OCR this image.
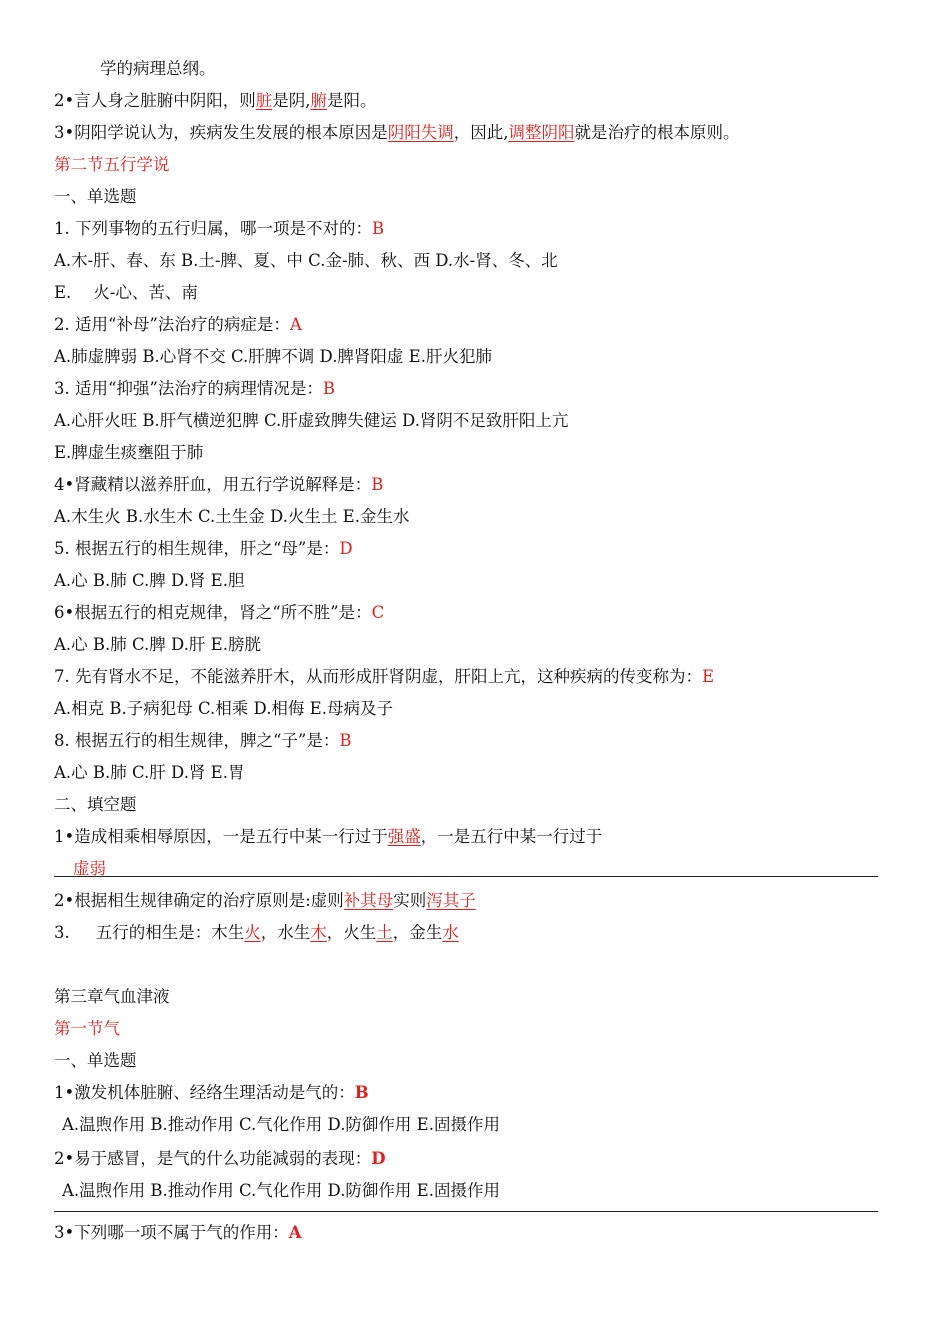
学的病理总纲。
2•言人身之脏腑中阴阳，则脏是阴,腑是阳。
3•阴阳学说认为，疾病发生发展的根本原因是阴阳失调，因此,调整阴阳就是治疗的根本原则。
第二节五行学说
一、单选题
1. 下列事物的五行归属，哪一项是不对的：B
A.木-肝、春、东 B.土-脾、夏、中 C.金-肺、秋、西 D.水-肾、冬、北
E. 火-心、苦、南
2. 适用“补母”法治疗的病症是：A
A.肺虚脾弱 B.心肾不交 C.肝脾不调 D.脾肾阳虚 E.肝火犯肺
3. 适用“抑强”法治疗的病理情况是：B
A.心肝火旺 B.肝气横逆犯脾 C.肝虚致脾失健运 D.肾阴不足致肝阳上亢
E.脾虚生痰壅阻于肺
4•肾藏精以滋养肝血，用五行学说解释是：B
A.木生火 B.水生木 C.土生金 D.火生土 E.金生水
5. 根据五行的相生规律，肝之“母”是：D
A.心 B.肺 C.脾 D.肾 E.胆
6•根据五行的相克规律，肾之“所不胜”是：C
A.心 B.肺 C.脾 D.肝 E.膀胱
7. 先有肾水不足，不能滋养肝木，从而形成肝肾阴虚，肝阳上亢，这种疾病的传变称为：E
A.相克 B.子病犯母 C.相乘 D.相侮 E.母病及子
8. 根据五行的相生规律，脾之“子”是：B
A.心 B.肺 C.肝 D.肾 E.胃
二、填空题
1•造成相乘相辱原因，一是五行中某一行过于强盛，一是五行中某一行过于
虚弱
2•根据相生规律确定的治疗原则是:虚则补其母实则泻其子
3. 五行的相生是：木生火，水生木，火生土，金生水
第三章气血津液
第一节气
一、单选题
1•激发机体脏腑、经络生理活动是气的：B
A.温煦作用 B.推动作用 C.气化作用 D.防御作用 E.固摄作用
2•易于感冒，是气的什么功能减弱的表现：D
A.温煦作用 B.推动作用 C.气化作用 D.防御作用 E.固摄作用
3•下列哪一项不属于气的作用：A
